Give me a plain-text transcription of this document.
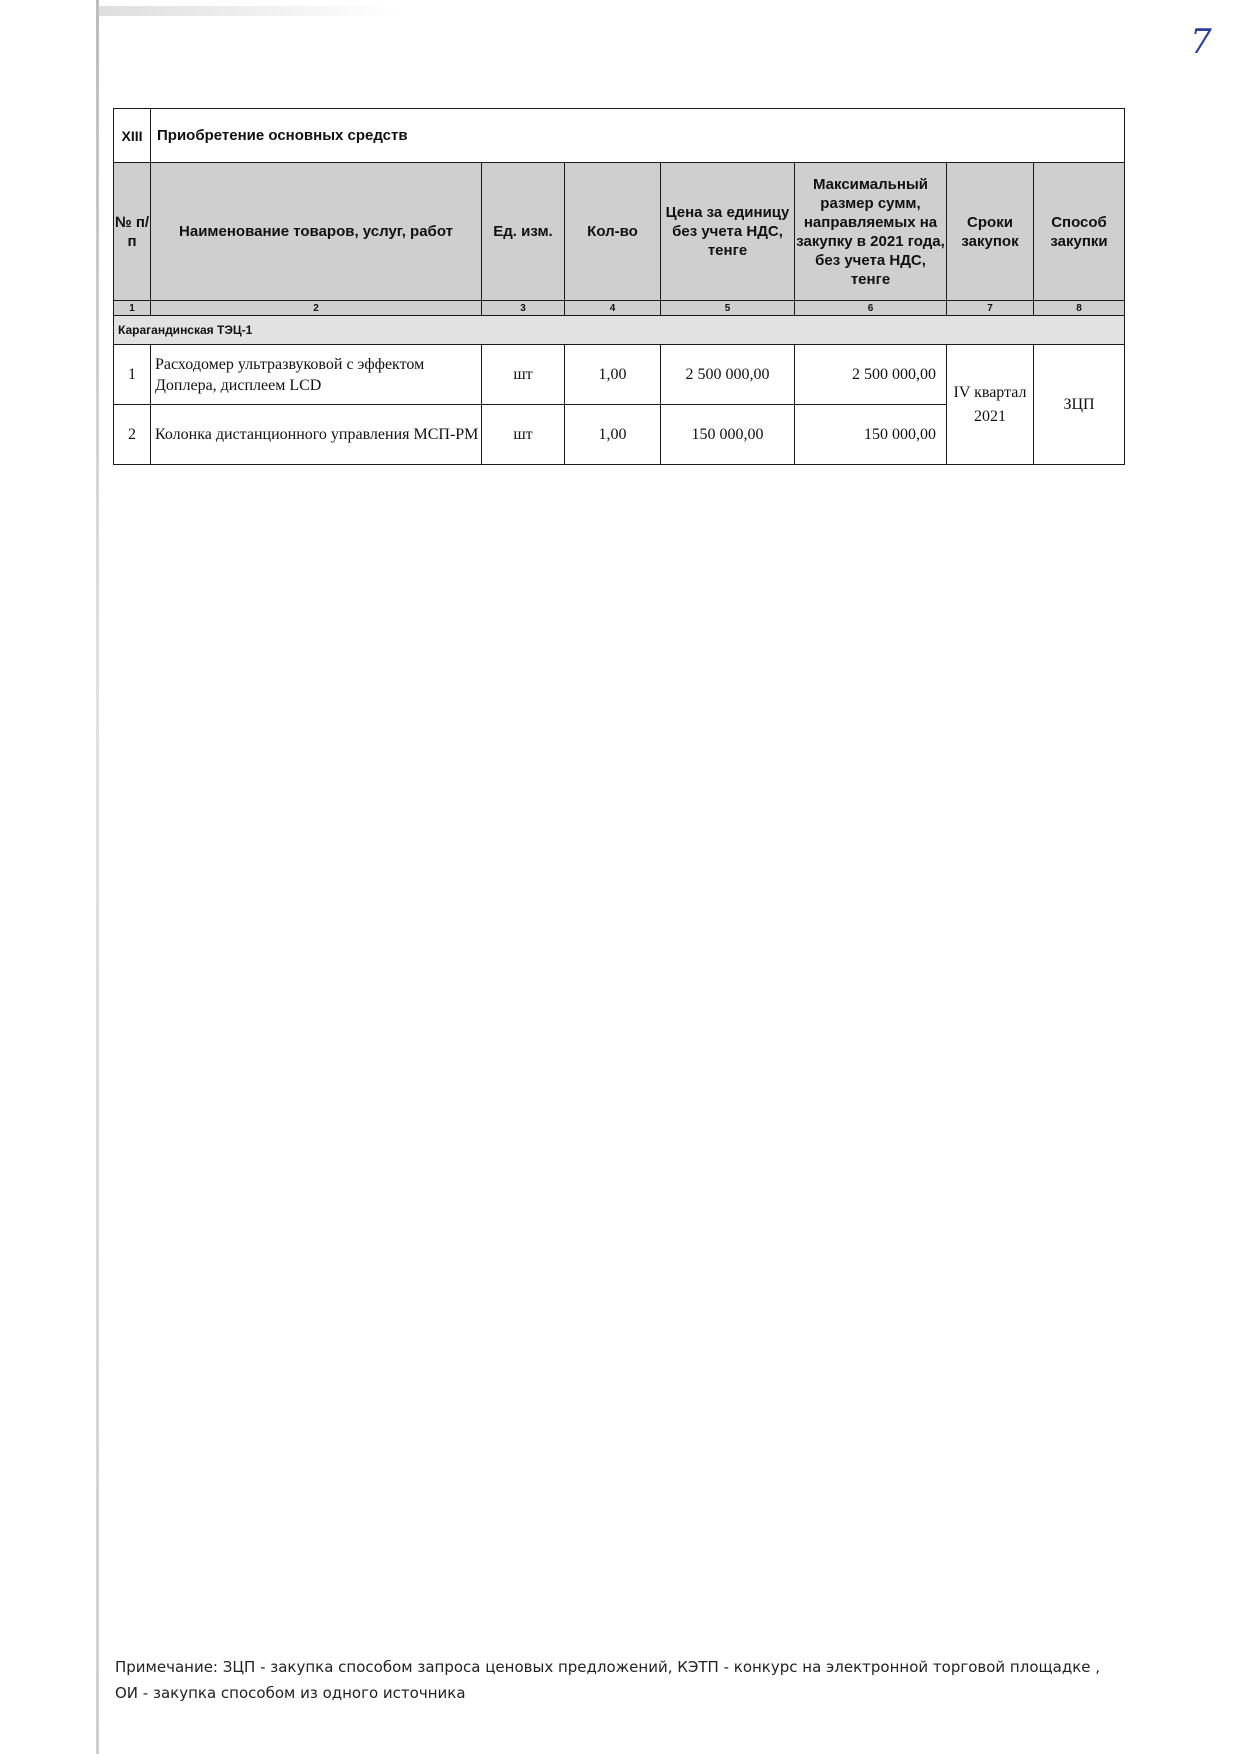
7
XIII	Приобретение основных средств						
№ п/п	Наименование товаров, услуг, работ	Ед. изм.	Кол-во	Цена за единицу без учета НДС, тенге	Максимальный размер сумм, направляемых на закупку в 2021 года, без учета НДС, тенге	Сроки закупок	Способ закупки
1	2	3	4	5	6	7	8
Карагандинская ТЭЦ-1							
1	Расходомер ультразвуковой с эффектом Доплера, дисплеем LCD	шт	1,00	2 500 000,00	2 500 000,00	IV квартал 2021	ЗЦП
2	Колонка дистанционного управления МСП-РМ	шт	1,00	150 000,00	150 000,00		
Примечание: ЗЦП - закупка способом запроса ценовых предложений, КЭТП - конкурс на электронной торговой площадке , ОИ - закупка способом из одного источника
